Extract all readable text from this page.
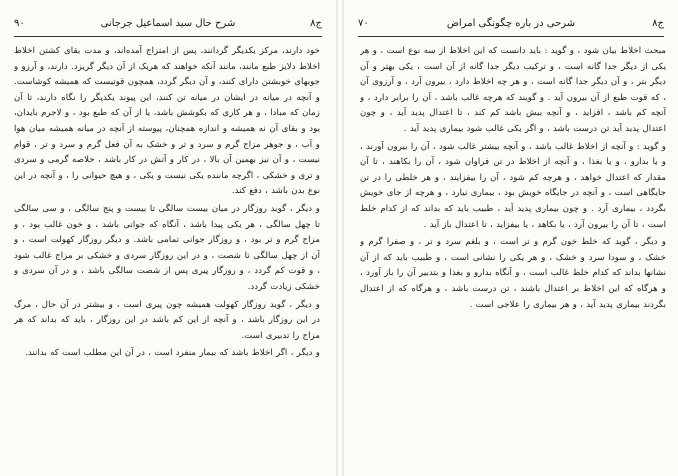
ج۸
شرح حال سید اسماعیل جرجانی
۹۰

خود دارند، مرکز یکدیگر گردانند، پس از امتزاج آمده‌اند، و مدت بقای کشتن اخلاط اخلاط دلایز طبع مانند، مانند آنکه خواهند که هریک از آن دیگر گریزد. دارند، و آرزو و جوبهای خوبشتن دارای کنند، و آن دیگر گردد، همچون قوتیست که همیشه کوشاست. و آنچه در میانه در ایشان در میانه تن کنند، این پیوند یکدیگر را نگاه دارند، تا آن زمان که مبادا ، و هر کاری که بکوشش باشد، یا از آن که طبع بود ، و لاجرم بایدان، بود و بقای آن نه همیشه و اندازه همچنان، پیوسته از آنچه در میانه همیشه میان هوا و آب ، و جوهر مزاج گرم و سرد و تر و خشک به آن فعل گرم و سرد و تر ، قوام نیست ، و آن نیز بهمین آن بالا ، در کار و آتش در کار باشد ، خلاصه گرمی و سردی و تری و خشکی ، اگرچه ماننده یکی نیست و یکی ، و هیچ حیوانی را ، و آنچه در این نوع بدن باشد ، دفع کند.

و دیگر ، گوید روزگار در میان بیست سالگی تا بیست و پنج سالگی ، و سی سالگی تا چهل سالگی ، هر یکی پیدا باشد ، آنگاه که جوانی باشد ، و خون غالب بود ، و مزاج گرم و تر بود ، و روزگار جوانی تمامی باشد. و دیگر روزگار کهولت است ، و آن از چهل سالگی تا شصت ، و در این روزگار سردی و خشکی بر مزاج غالب شود ، و قوت کم گردد ، و روزگار پیری پس از شصت سالگی باشد ، و در آن سردی و خشکی زیادت گردد.

و دیگر ، گوید روزگار کهولت همیشه چون پیری است ، و بیشتر در آن حال ، مرگ در این روزگار باشد ، و آنچه از این کم باشد در این روزگار ، باید که بداند که هر مزاج را تدبیری است.

و دیگر ، اگر اخلاط باشد که بیمار منفرد است ، در آن این مطلب است که بدانند.

ج۸
شرحی در باره چگونگی امراض
۷۰

مبحث اخلاط بیان شود ، و گوید : باید دانست که این اخلاط از سه نوع است ، و هر یکی از دیگر جدا گانه است ، و ترکیب دیگر جدا گانه از آن است ، یکی بهتر و آن دیگر بتر ، و آن دیگر جدا گانه است ، و هر چه اخلاط دارد ، بیرون آرد ، و آرزوی آن ، که قوت طبع از آن بیرون آید . و گویند که هرچه غالب باشد ، آن را برابر دارد ، و آنچه کم باشد ، افزاید ، و آنچه بیش باشد کم کند ، تا اعتدال پدید آید ، و چون اعتدال پدید آید تن درست باشد ، و اگر یکی غالب شود بیماری پدید آید .

و گوید : و آنچه از اخلاط غالب باشد ، و آنچه بیشتر غالب شود ، آن را بیرون آورند ، و یا بدارو ، و یا بغذا ، و آنچه از اخلاط در تن فراوان شود ، آن را بکاهند ، تا آن مقدار که اعتدال خواهد ، و هرچه کم شود ، آن را بیفزایند ، و هر خلطی را در تن جایگاهی است ، و آنچه در جایگاه خویش بود ، بیماری نیارد ، و هرچه از جای خویش بگردد ، بیماری آرد . و چون بیماری پدید آید ، طبیب باید که بداند که از کدام خلط است ، تا آن را بیرون آرد ، یا بکاهد ، یا بیفزاید ، تا اعتدال باز آید .

و دیگر ، گوید که خلط خون گرم و تر است ، و بلغم سرد و تر ، و صفرا گرم و خشک ، و سودا سرد و خشک ، و هر یکی را نشانی است ، و طبیب باید که از آن نشانها بداند که کدام خلط غالب است ، و آنگاه بدارو و بغذا و بتدبیر آن را باز آورد ، و هرگاه که این اخلاط بر اعتدال باشند ، تن درست باشد ، و هرگاه که از اعتدال بگردند بیماری پدید آید ، و هر بیماری را علاجی است .
